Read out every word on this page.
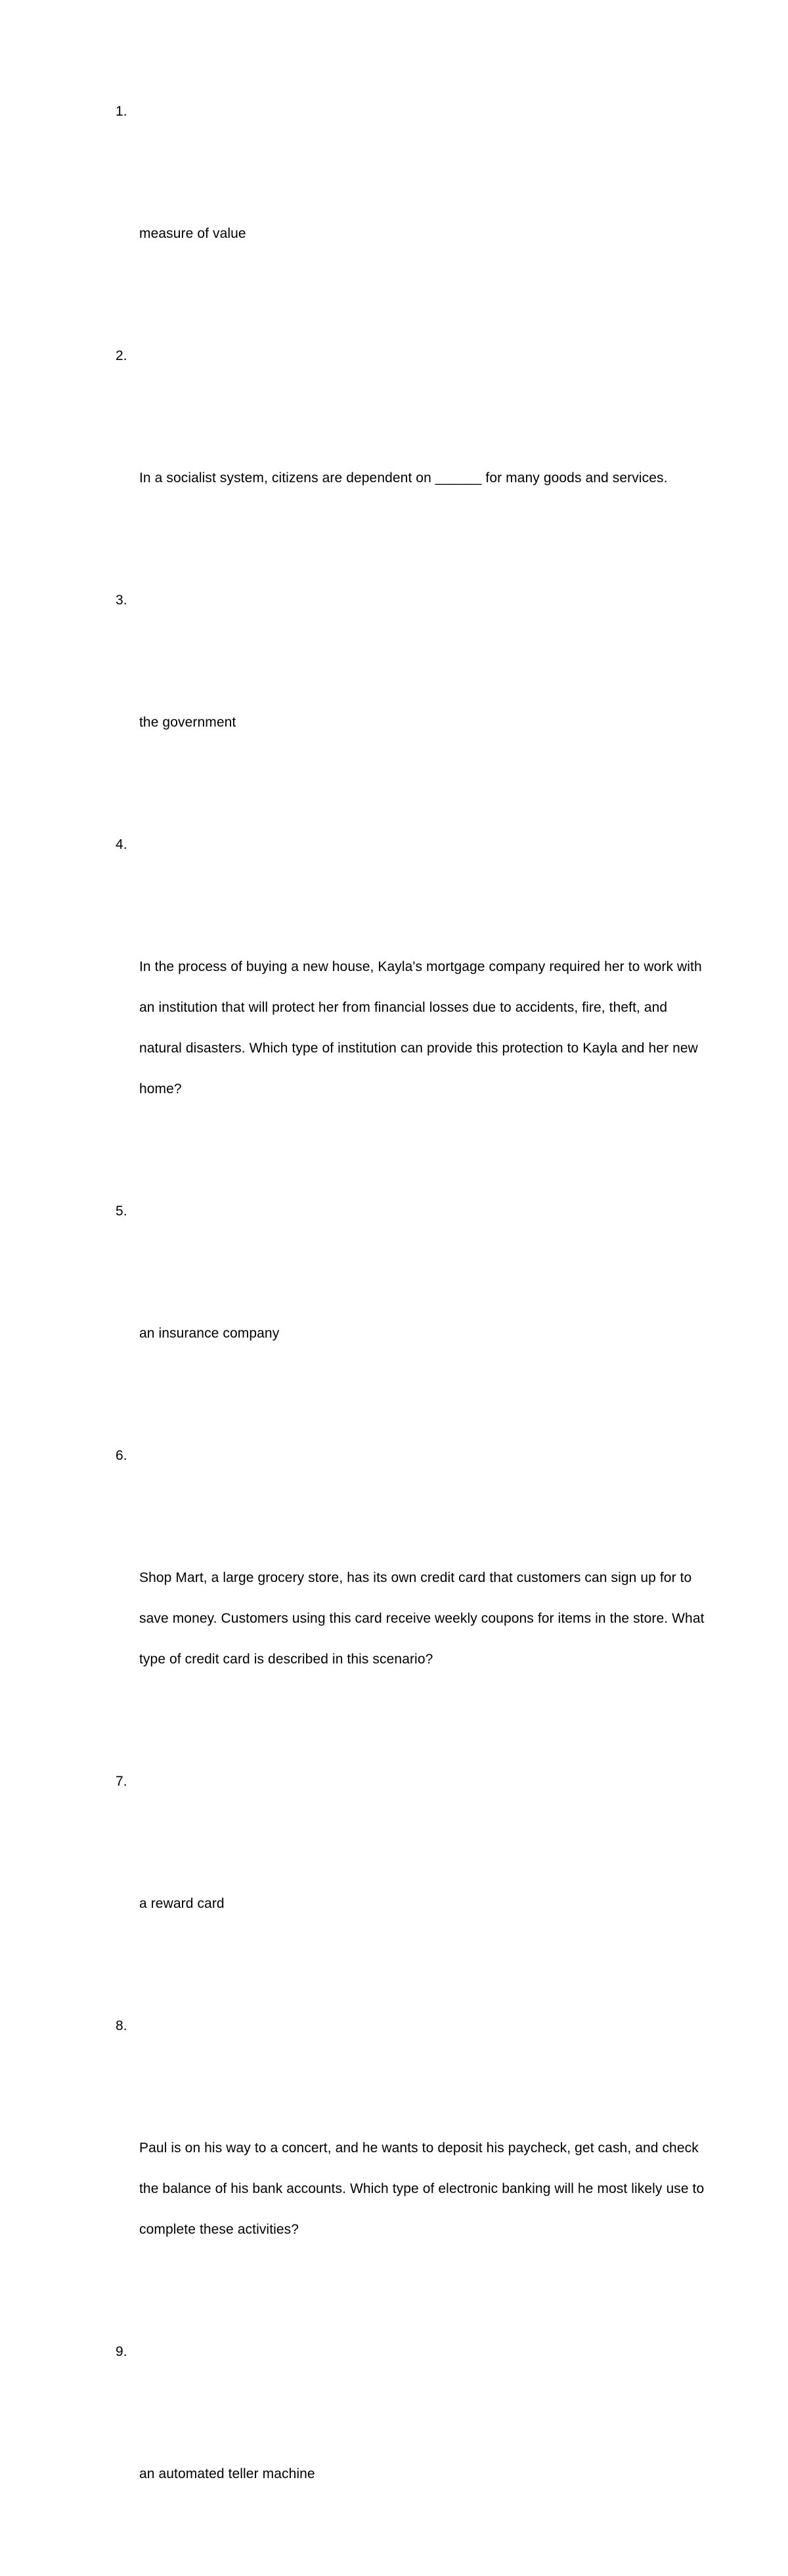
1.

measure of value

2.

In a socialist system, citizens are dependent on ______ for many goods and services.

3.

the government

4.

In the process of buying a new house, Kayla's mortgage company required her to work with an institution that will protect her from financial losses due to accidents, fire, theft, and natural disasters. Which type of institution can provide this protection to Kayla and her new home?

5.

an insurance company

6.

Shop Mart, a large grocery store, has its own credit card that customers can sign up for to save money. Customers using this card receive weekly coupons for items in the store. What type of credit card is described in this scenario?

7.

a reward card

8.

Paul is on his way to a concert, and he wants to deposit his paycheck, get cash, and check the balance of his bank accounts. Which type of electronic banking will he most likely use to complete these activities?

9.

an automated teller machine
